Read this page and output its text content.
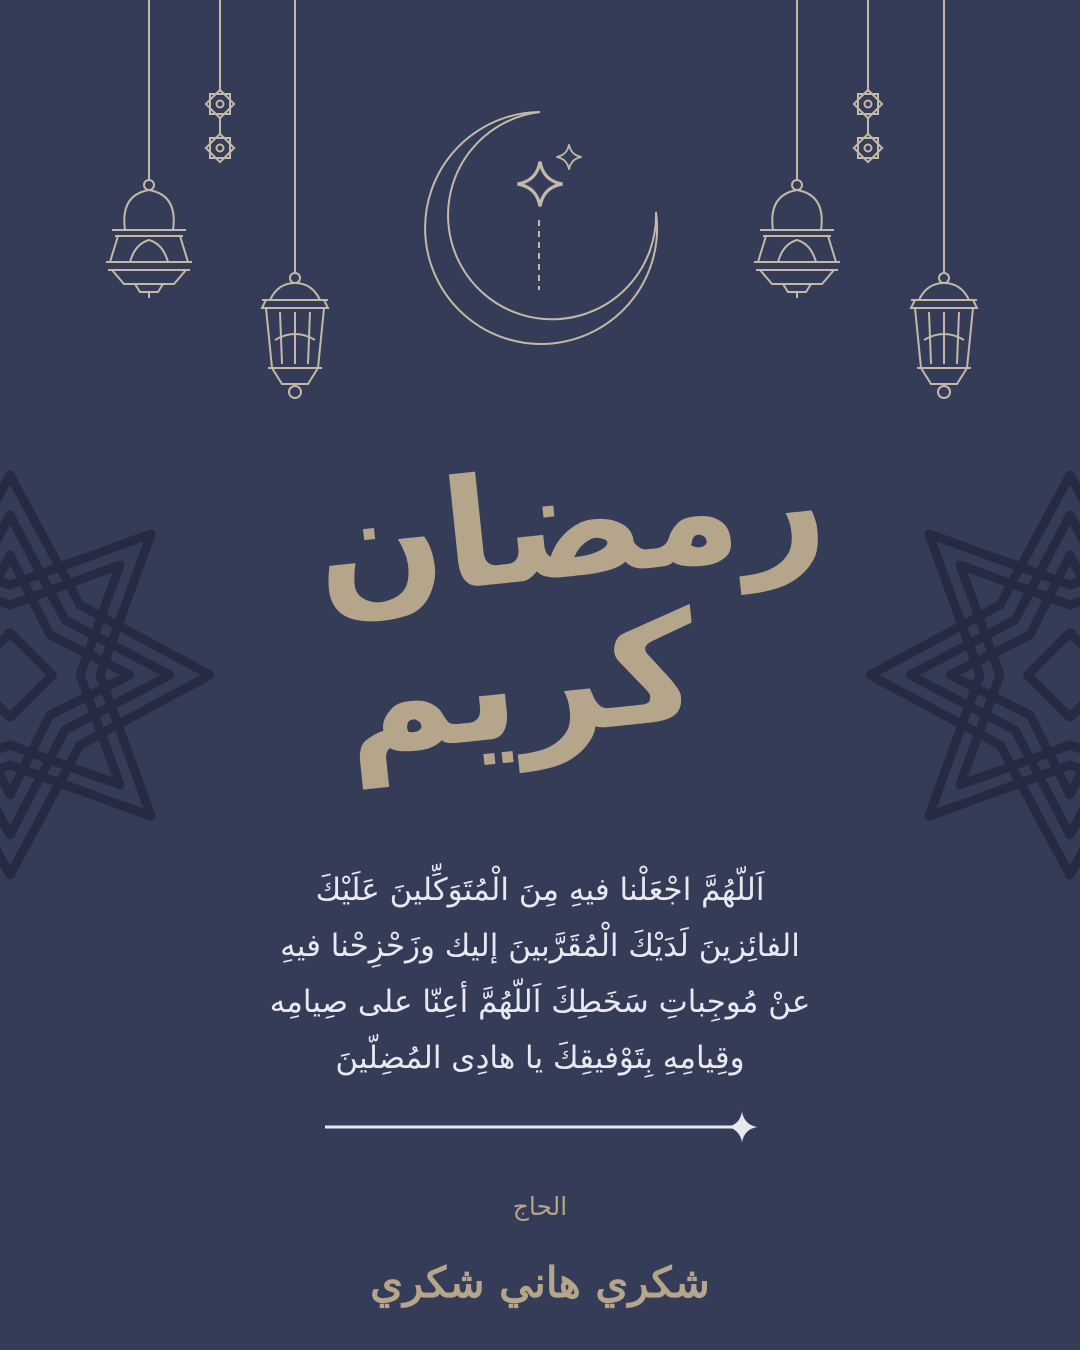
رمضان
كريم
اَللّهُمَّ اجْعَلْنا فيهِ مِنَ الْمُتَوَكِّلينَ عَلَيْكَ
الفائِزينَ لَدَيْكَ الْمُقَرَّبينَ إليك وزَحْزِحْنا فيهِ
عنْ مُوجِباتِ سَخَطِكَ اَللّهُمَّ أعِنّا على صِيامِه
وقِيامِهِ بِتَوْفيقِكَ يا هادِى المُضِلّينَ
الحاج
شكري هاني شكري
